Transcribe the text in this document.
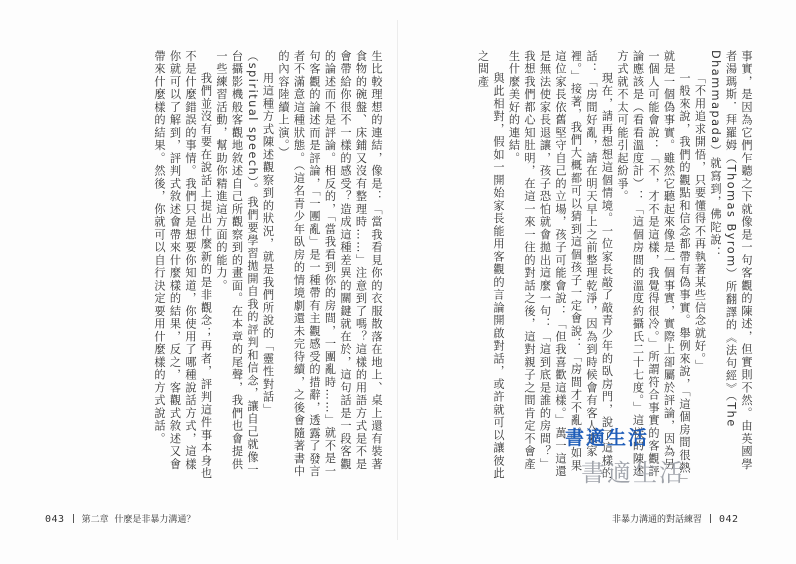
生比較理想的連結，像是：「當我看見你的衣服散落在地上、桌上還有裝著食物的碗盤、床鋪又沒有整理時……」注意到了嗎？這樣的用語方式是不是會帶給你很不一樣的感受？造成這種差異的關鍵就在於，這句話是一段客觀的論述而不是評論。相反的，「當我看到你的房間，一團亂時……」就不是一句客觀的論述而是評論，「一團亂」是一種帶有主觀感受的措辭，透露了發言者不滿意這種狀態。（這名青少年臥房的情境劇還未完待續，之後會隨著書中的內容陸續上演。）

用這種方式陳述觀察到的狀況，就是我們所說的「靈性對話」（spiritual speech）。我們要學習拋開自我的評判和信念，讓自己就像一台攝影機般客觀地敘述自己所觀察到的畫面。在本章的尾聲，我們也會提供一些練習活動，幫助你精進這方面的能力。

我們並沒有要在說話上提出什麼新的是非觀念；再者，評判這件事本身也不是什麼錯誤的事情。我們只是想要你知道，你使用了哪種說話方式，這樣你就可以了解到，評判式敘述會帶來什麼樣的結果，反之，客觀式敘述又會帶來什麼樣的結果。然後，你就可以自行決定要用什麼樣的方式說話。	事實，是因為它們乍聽之下就像是一句客觀的陳述，但實則不然。由英國學者湯瑪斯．拜羅姆（Thomas Byrom）所翻譯的《法句經》（The Dhammapada）就寫到，佛陀說：

「不用追求開悟，只要懂得不再執著某些信念就好。」

一般來說，我們的觀點和信念都帶有偽事實。舉例來說，「這個房間很熱」就是一個偽事實。雖然它聽起來像是一個事實，實際上卻屬於評論，因為另一個人可能會說：「不，才不是這樣，我覺得很冷。」所謂符合事實的客觀評論應該是（看看溫度計）：「這個房間的溫度約攝氏二十七度。」這樣的陳述方式就不太可能引起紛爭。

現在，請再想想這個情境。一位家長敲了敲青少年的臥房門，說了這樣的話：「房間好亂，請在明天早上之前整理乾淨，因為到時候會有客人來家裡。」接著，我們大概都可以猜到這個孩子一定會說：「房間才不亂。」如果這位家長依舊堅守自己的立場，孩子可能會說：「但我喜歡這樣。」萬一這還是無法使家長退讓，孩子恐怕就會拋出這麼一句：「這到底是誰的房間？」我想我們都心知肚明，在這一來一往的對話之後，這對親子之間肯定不會產生什麼美好的連結。

與此相對，假如一開始家長能用客觀的言論開啟對話，或許就可以讓彼此之間產

書適生活
書適生活
043 第二章 什麼是非暴力溝通？	非暴力溝通的對話練習 042
